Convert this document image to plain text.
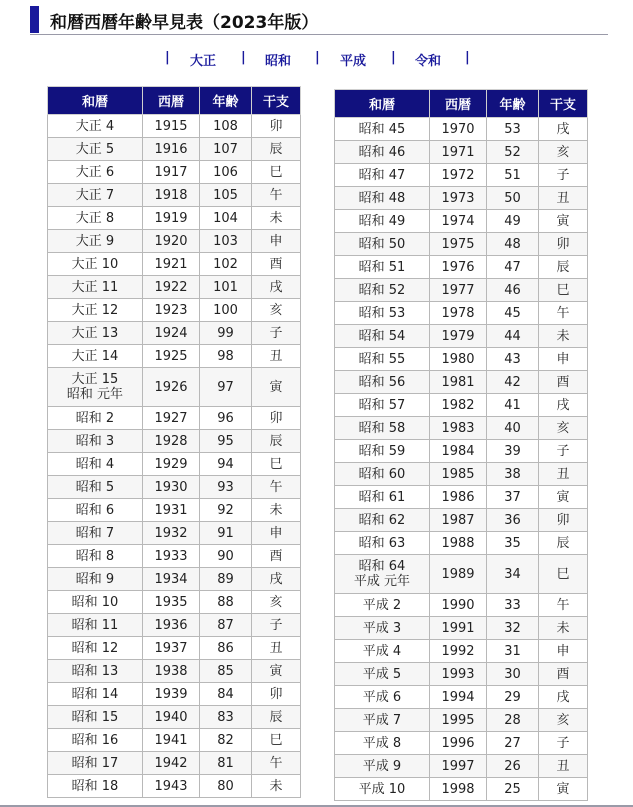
和暦西暦年齢早見表（2023年版）
| 大正 | 昭和 | 平成 | 令和 |
和暦	西暦	年齢	干支

大正 4	1915	108	卯

大正 5	1916	107	辰

大正 6	1917	106	巳

大正 7	1918	105	午

大正 8	1919	104	未

大正 9	1920	103	申

大正 10	1921	102	酉

大正 11	1922	101	戌

大正 12	1923	100	亥

大正 13	1924	99	子

大正 14	1925	98	丑

大正 15
昭和 元年	1926	97	寅

昭和 2	1927	96	卯

昭和 3	1928	95	辰

昭和 4	1929	94	巳

昭和 5	1930	93	午

昭和 6	1931	92	未

昭和 7	1932	91	申

昭和 8	1933	90	酉

昭和 9	1934	89	戌

昭和 10	1935	88	亥

昭和 11	1936	87	子

昭和 12	1937	86	丑

昭和 13	1938	85	寅

昭和 14	1939	84	卯

昭和 15	1940	83	辰

昭和 16	1941	82	巳

昭和 17	1942	81	午

昭和 18	1943	80	未
和暦	西暦	年齢	干支

昭和 45	1970	53	戌

昭和 46	1971	52	亥

昭和 47	1972	51	子

昭和 48	1973	50	丑

昭和 49	1974	49	寅

昭和 50	1975	48	卯

昭和 51	1976	47	辰

昭和 52	1977	46	巳

昭和 53	1978	45	午

昭和 54	1979	44	未

昭和 55	1980	43	申

昭和 56	1981	42	酉

昭和 57	1982	41	戌

昭和 58	1983	40	亥

昭和 59	1984	39	子

昭和 60	1985	38	丑

昭和 61	1986	37	寅

昭和 62	1987	36	卯

昭和 63	1988	35	辰

昭和 64
平成 元年	1989	34	巳

平成 2	1990	33	午

平成 3	1991	32	未

平成 4	1992	31	申

平成 5	1993	30	酉

平成 6	1994	29	戌

平成 7	1995	28	亥

平成 8	1996	27	子

平成 9	1997	26	丑

平成 10	1998	25	寅
